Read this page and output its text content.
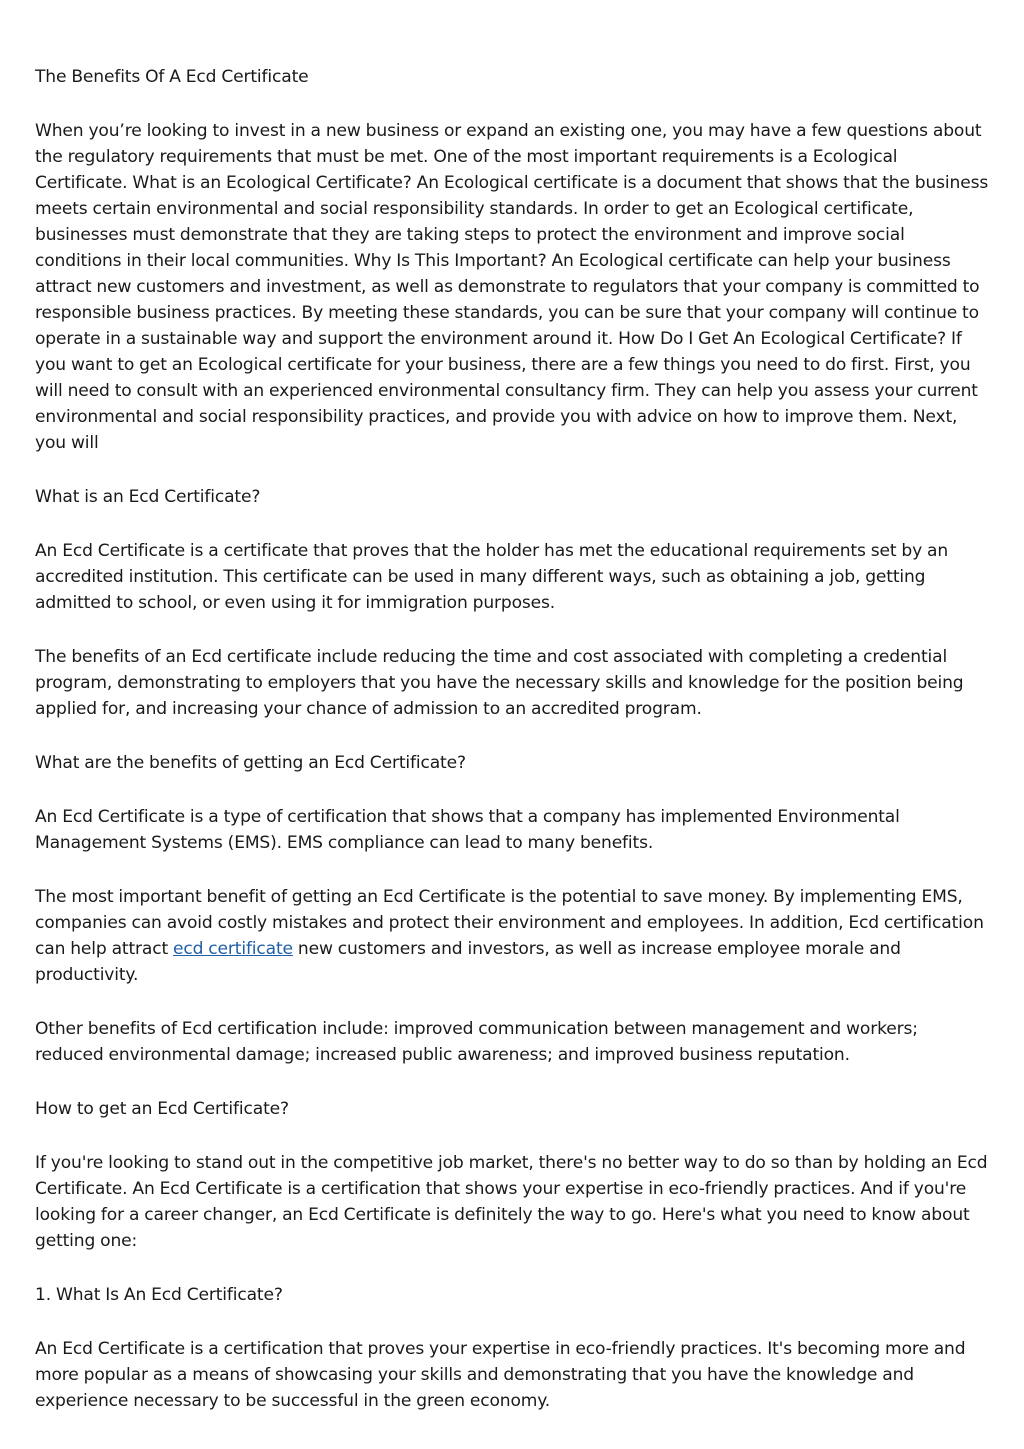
The Benefits Of A Ecd Certificate

When you’re looking to invest in a new business or expand an existing one, you may have a few questions about the regulatory requirements that must be met. One of the most important requirements is a Ecological Certificate. What is an Ecological Certificate? An Ecological certificate is a document that shows that the business meets certain environmental and social responsibility standards. In order to get an Ecological certificate, businesses must demonstrate that they are taking steps to protect the environment and improve social conditions in their local communities. Why Is This Important? An Ecological certificate can help your business attract new customers and investment, as well as demonstrate to regulators that your company is committed to responsible business practices. By meeting these standards, you can be sure that your company will continue to operate in a sustainable way and support the environment around it. How Do I Get An Ecological Certificate? If you want to get an Ecological certificate for your business, there are a few things you need to do first. First, you will need to consult with an experienced environmental consultancy firm. They can help you assess your current environmental and social responsibility practices, and provide you with advice on how to improve them. Next, you will

What is an Ecd Certificate?

An Ecd Certificate is a certificate that proves that the holder has met the educational requirements set by an accredited institution. This certificate can be used in many different ways, such as obtaining a job, getting admitted to school, or even using it for immigration purposes.

The benefits of an Ecd certificate include reducing the time and cost associated with completing a credential program, demonstrating to employers that you have the necessary skills and knowledge for the position being applied for, and increasing your chance of admission to an accredited program.

What are the benefits of getting an Ecd Certificate?

An Ecd Certificate is a type of certification that shows that a company has implemented Environmental Management Systems (EMS). EMS compliance can lead to many benefits.

The most important benefit of getting an Ecd Certificate is the potential to save money. By implementing EMS, companies can avoid costly mistakes and protect their environment and employees. In addition, Ecd certification can help attract ecd certificate new customers and investors, as well as increase employee morale and productivity.

Other benefits of Ecd certification include: improved communication between management and workers; reduced environmental damage; increased public awareness; and improved business reputation.

How to get an Ecd Certificate?

If you're looking to stand out in the competitive job market, there's no better way to do so than by holding an Ecd Certificate. An Ecd Certificate is a certification that shows your expertise in eco-friendly practices. And if you're looking for a career changer, an Ecd Certificate is definitely the way to go. Here's what you need to know about getting one:

1. What Is An Ecd Certificate?

An Ecd Certificate is a certification that proves your expertise in eco-friendly practices. It's becoming more and more popular as a means of showcasing your skills and demonstrating that you have the knowledge and experience necessary to be successful in the green economy.
